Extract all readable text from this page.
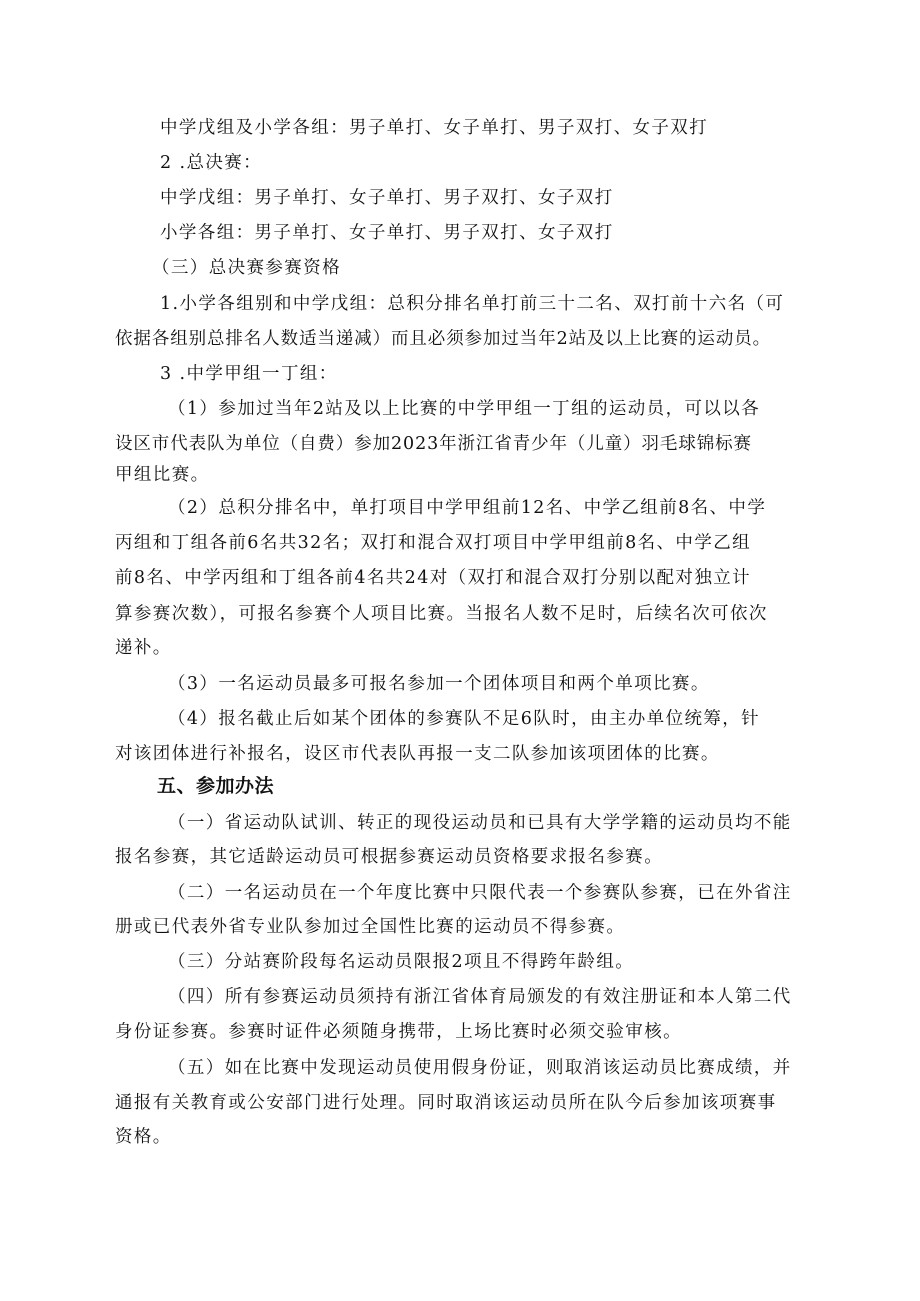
中学戊组及小学各组：男子单打、女子单打、男子双打、女子双打
2 .总决赛：
中学戊组：男子单打、女子单打、男子双打、女子双打
小学各组：男子单打、女子单打、男子双打、女子双打
（三）总决赛参赛资格
1.小学各组别和中学戊组：总积分排名单打前三十二名、双打前十六名（可
依据各组别总排名人数适当递减）而且必须参加过当年2站及以上比赛的运动员。
3 .中学甲组一丁组：
（1）参加过当年2站及以上比赛的中学甲组一丁组的运动员，可以以各
设区市代表队为单位（自费）参加2023年浙江省青少年（儿童）羽毛球锦标赛
甲组比赛。
（2）总积分排名中，单打项目中学甲组前12名、中学乙组前8名、中学
丙组和丁组各前6名共32名；双打和混合双打项目中学甲组前8名、中学乙组
前8名、中学丙组和丁组各前4名共24对（双打和混合双打分别以配对独立计
算参赛次数），可报名参赛个人项目比赛。当报名人数不足时，后续名次可依次
递补。
（3）一名运动员最多可报名参加一个团体项目和两个单项比赛。
（4）报名截止后如某个团体的参赛队不足6队时，由主办单位统筹，针
对该团体进行补报名，设区市代表队再报一支二队参加该项团体的比赛。
五、参加办法
（一）省运动队试训、转正的现役运动员和已具有大学学籍的运动员均不能
报名参赛，其它适龄运动员可根据参赛运动员资格要求报名参赛。
（二）一名运动员在一个年度比赛中只限代表一个参赛队参赛，已在外省注
册或已代表外省专业队参加过全国性比赛的运动员不得参赛。
（三）分站赛阶段每名运动员限报2项且不得跨年龄组。
（四）所有参赛运动员须持有浙江省体育局颁发的有效注册证和本人第二代
身份证参赛。参赛时证件必须随身携带，上场比赛时必须交验审核。
（五）如在比赛中发现运动员使用假身份证，则取消该运动员比赛成绩，并
通报有关教育或公安部门进行处理。同时取消该运动员所在队今后参加该项赛事
资格。
